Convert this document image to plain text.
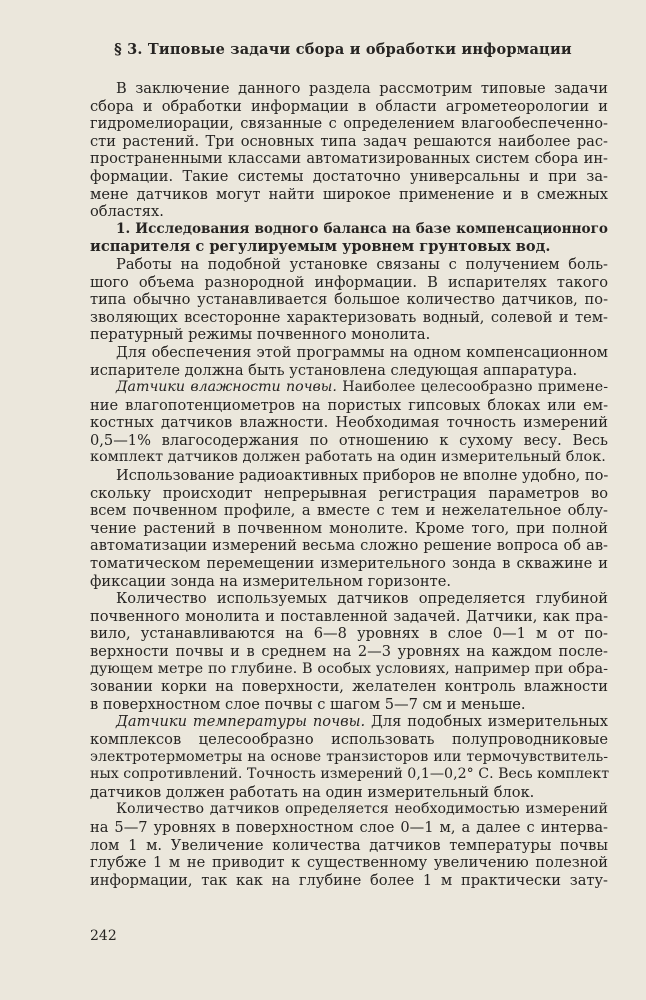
§ 3. Типовые задачи сбора и обработки информации
В заключение данного раздела рассмотрим типовые задачи
сбора и обработки информации в области агрометеорологии и
гидромелиорации, связанные с определением влагообеспеченно-
сти растений. Три основных типа задач решаются наиболее рас-
пространенными классами автоматизированных систем сбора ин-
формации. Такие системы достаточно универсальны и при за-
мене датчиков могут найти широкое применение и в смежных
областях.
1. Исследования водного баланса на базе компенсационного
испарителя с регулируемым уровнем грунтовых вод.
Работы на подобной установке связаны с получением боль-
шого объема разнородной информации. В испарителях такого
типа обычно устанавливается большое количество датчиков, по-
зволяющих всесторонне характеризовать водный, солевой и тем-
пературный режимы почвенного монолита.
Для обеспечения этой программы на одном компенсационном
испарителе должна быть установлена следующая аппаратура.
Датчики влажности почвы. Наиболее целесообразно примене-
ние влагопотенциометров на пористых гипсовых блоках или ем-
костных датчиков влажности. Необходимая точность измерений
0,5—1% влагосодержания по отношению к сухому весу. Весь
комплект датчиков должен работать на один измерительный блок.
Использование радиоактивных приборов не вполне удобно, по-
скольку происходит непрерывная регистрация параметров во
всем почвенном профиле, а вместе с тем и нежелательное облу-
чение растений в почвенном монолите. Кроме того, при полной
автоматизации измерений весьма сложно решение вопроса об ав-
томатическом перемещении измерительного зонда в скважине и
фиксации зонда на измерительном горизонте.
Количество используемых датчиков определяется глубиной
почвенного монолита и поставленной задачей. Датчики, как пра-
вило, устанавливаются на 6—8 уровнях в слое 0—1 м от по-
верхности почвы и в среднем на 2—3 уровнях на каждом после-
дующем метре по глубине. В особых условиях, например при обра-
зовании корки на поверхности, желателен контроль влажности
в поверхностном слое почвы с шагом 5—7 см и меньше.
Датчики температуры почвы. Для подобных измерительных
комплексов целесообразно использовать полупроводниковые
электротермометры на основе транзисторов или термочувствитель-
ных сопротивлений. Точность измерений 0,1—0,2° С. Весь комплект
датчиков должен работать на один измерительный блок.
Количество датчиков определяется необходимостью измерений
на 5—7 уровнях в поверхностном слое 0—1 м, а далее с интерва-
лом 1 м. Увеличение количества датчиков температуры почвы
глубже 1 м не приводит к существенному увеличению полезной
информации, так как на глубине более 1 м практически зату-
242
